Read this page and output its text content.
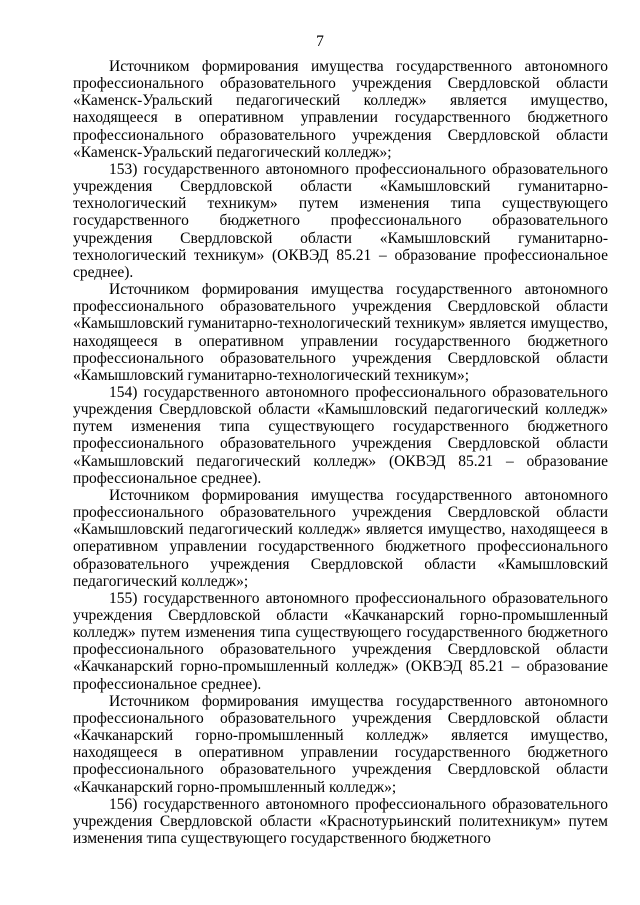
7

Источником формирования имущества государственного автономного профессионального образовательного учреждения Свердловской области «Каменск-Уральский педагогический колледж» является имущество, находящееся в оперативном управлении государственного бюджетного профессионального образовательного учреждения Свердловской области «Каменск-Уральский педагогический колледж»;

153) государственного автономного профессионального образовательного учреждения Свердловской области «Камышловский гуманитарно-технологический техникум» путем изменения типа существующего государственного бюджетного профессионального образовательного учреждения Свердловской области «Камышловский гуманитарно-технологический техникум» (ОКВЭД 85.21 – образование профессиональное среднее).

Источником формирования имущества государственного автономного профессионального образовательного учреждения Свердловской области «Камышловский гуманитарно-технологический техникум» является имущество, находящееся в оперативном управлении государственного бюджетного профессионального образовательного учреждения Свердловской области «Камышловский гуманитарно-технологический техникум»;

154) государственного автономного профессионального образовательного учреждения Свердловской области «Камышловский педагогический колледж» путем изменения типа существующего государственного бюджетного профессионального образовательного учреждения Свердловской области «Камышловский педагогический колледж» (ОКВЭД 85.21 – образование профессиональное среднее).

Источником формирования имущества государственного автономного профессионального образовательного учреждения Свердловской области «Камышловский педагогический колледж» является имущество, находящееся в оперативном управлении государственного бюджетного профессионального образовательного учреждения Свердловской области «Камышловский педагогический колледж»;

155) государственного автономного профессионального образовательного учреждения Свердловской области «Качканарский горно-промышленный колледж» путем изменения типа существующего государственного бюджетного профессионального образовательного учреждения Свердловской области «Качканарский горно-промышленный колледж» (ОКВЭД 85.21 – образование профессиональное среднее).

Источником формирования имущества государственного автономного профессионального образовательного учреждения Свердловской области «Качканарский горно-промышленный колледж» является имущество, находящееся в оперативном управлении государственного бюджетного профессионального образовательного учреждения Свердловской области «Качканарский горно-промышленный колледж»;

156) государственного автономного профессионального образовательного учреждения Свердловской области «Краснотурьинский политехникум» путем изменения типа существующего государственного бюджетного
